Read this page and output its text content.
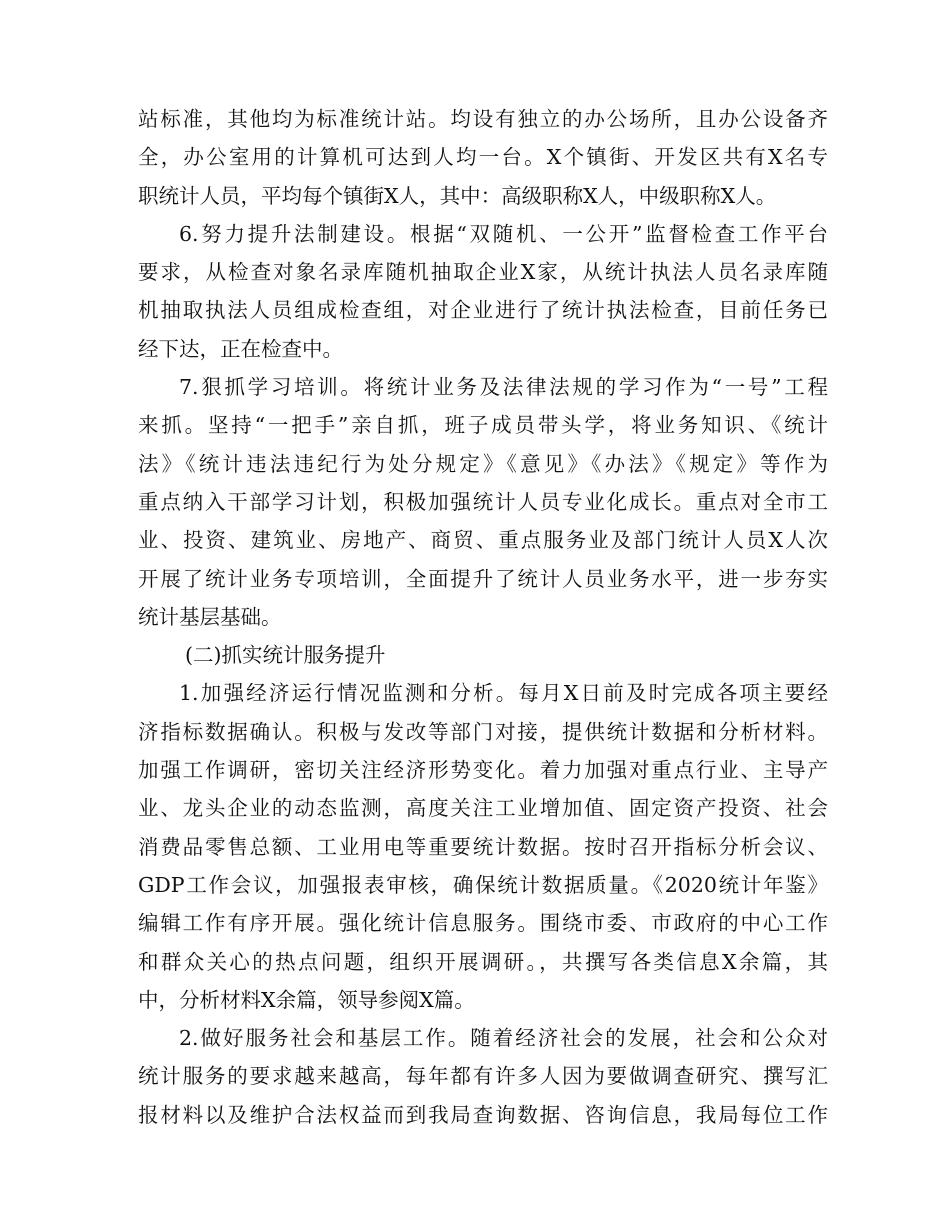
站标准，其他均为标准统计站。均设有独立的办公场所，且办公设备齐
全，办公室用的计算机可达到人均一台。X个镇街、开发区共有X名专
职统计人员，平均每个镇街X人，其中：高级职称X人，中级职称X人。
6.努力提升法制建设。根据“双随机、一公开”监督检查工作平台
要求，从检查对象名录库随机抽取企业X家，从统计执法人员名录库随
机抽取执法人员组成检查组，对企业进行了统计执法检查，目前任务已
经下达，正在检查中。
7.狠抓学习培训。将统计业务及法律法规的学习作为“一号”工程
来抓。坚持“一把手”亲自抓，班子成员带头学，将业务知识、《统计
法》《统计违法违纪行为处分规定》《意见》《办法》《规定》等作为
重点纳入干部学习计划，积极加强统计人员专业化成长。重点对全市工
业、投资、建筑业、房地产、商贸、重点服务业及部门统计人员X人次
开展了统计业务专项培训，全面提升了统计人员业务水平，进一步夯实
统计基层基础。
(二)抓实统计服务提升
1.加强经济运行情况监测和分析。每月X日前及时完成各项主要经
济指标数据确认。积极与发改等部门对接，提供统计数据和分析材料。
加强工作调研，密切关注经济形势变化。着力加强对重点行业、主导产
业、龙头企业的动态监测，高度关注工业增加值、固定资产投资、社会
消费品零售总额、工业用电等重要统计数据。按时召开指标分析会议、
GDP工作会议，加强报表审核，确保统计数据质量。《2020统计年鉴》
编辑工作有序开展。强化统计信息服务。围绕市委、市政府的中心工作
和群众关心的热点问题，组织开展调研。，共撰写各类信息X余篇，其
中，分析材料X余篇，领导参阅X篇。
2.做好服务社会和基层工作。随着经济社会的发展，社会和公众对
统计服务的要求越来越高，每年都有许多人因为要做调查研究、撰写汇
报材料以及维护合法权益而到我局查询数据、咨询信息，我局每位工作
